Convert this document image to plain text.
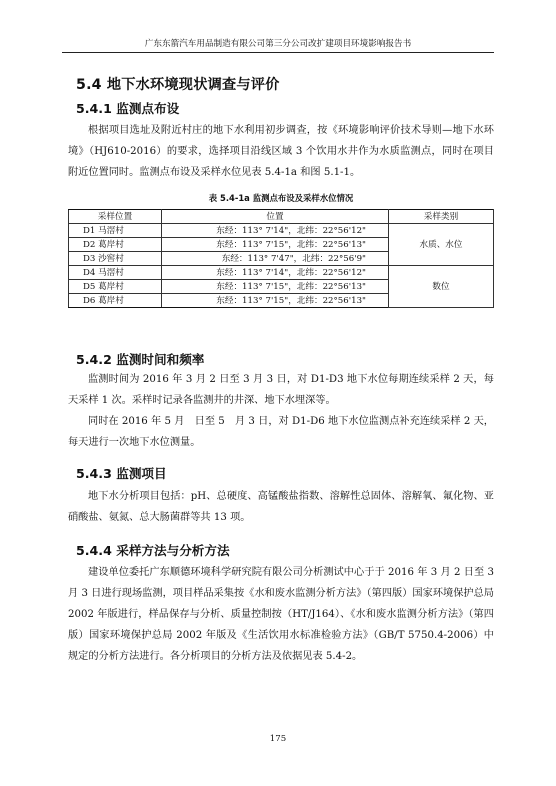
广东东箭汽车用品制造有限公司第三分公司改扩建项目环境影响报告书
5.4 地下水环境现状调查与评价
5.4.1 监测点布设
根据项目选址及附近村庄的地下水利用初步调查，按《环境影响评价技术导则—地下水环境》（HJ610-2016）的要求，选择项目沿线区域 3 个饮用水井作为水质监测点，同时在项目附近位置同时。监测点布设及采样水位见表 5.4-1a 和图 5.1-1。
表 5.4-1a 监测点布设及采样水位情况
采样位置	位置	采样类别
D1 马滘村	东经：113° 7'14"，北纬：22°56'12"	水质、水位
D2 葛岸村	东经：113° 7'15"，北纬：22°56'13"	
D3 沙窖村	东经：113° 7'47"，北纬：22°56'9"	
D4 马滘村	东经：113° 7'14"，北纬：22°56'12"	数位
D5 葛岸村	东经：113° 7'15"，北纬：22°56'13"	
D6 葛岸村	东经：113° 7'15"，北纬：22°56'13"	
5.4.2 监测时间和频率
监测时间为 2016 年 3 月 2 日至 3 月 3 日，对 D1-D3 地下水位每期连续采样 2 天，每天采样 1 次。采样时记录各监测井的井深、地下水埋深等。
同时在 2016 年 5 月　日至 5　月 3 日，对 D1-D6 地下水位监测点补充连续采样 2 天，每天进行一次地下水位测量。
5.4.3 监测项目
地下水分析项目包括：pH、总硬度、高锰酸盐指数、溶解性总固体、溶解氧、氟化物、亚硝酸盐、氨氮、总大肠菌群等共 13 项。
5.4.4 采样方法与分析方法
建设单位委托广东顺德环境科学研究院有限公司分析测试中心于于 2016 年 3 月 2 日至 3 月 3 日进行现场监测，项目样品采集按《水和废水监测分析方法》（第四版）国家环境保护总局 2002 年版进行，样品保存与分析、质量控制按（HT/J164）、《水和废水监测分析方法》（第四版）国家环境保护总局 2002 年版及《生活饮用水标准检验方法》（GB/T 5750.4-2006）中规定的分析方法进行。各分析项目的分析方法及依据见表 5.4-2。
175
